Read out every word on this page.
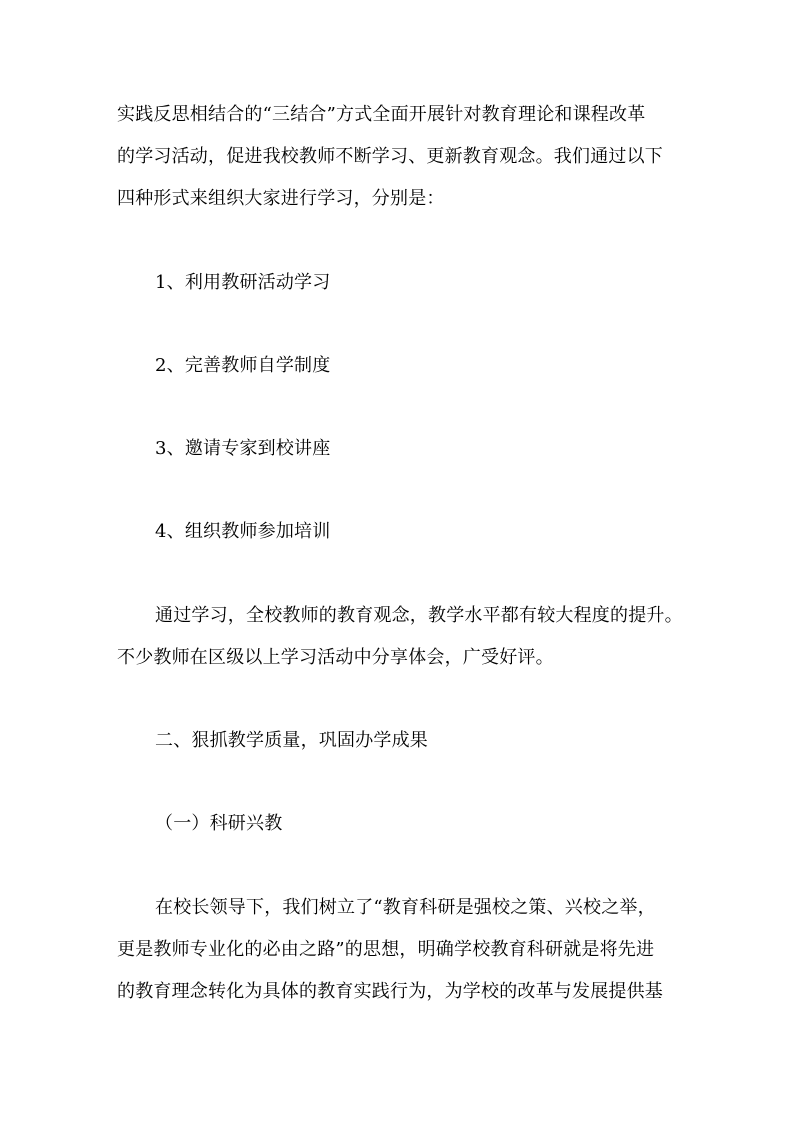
实践反思相结合的“三结合”方式全面开展针对教育理论和课程改革
的学习活动，促进我校教师不断学习、更新教育观念。我们通过以下
四种形式来组织大家进行学习，分别是：
1、利用教研活动学习
2、完善教师自学制度
3、邀请专家到校讲座
4、组织教师参加培训
通过学习，全校教师的教育观念，教学水平都有较大程度的提升。
不少教师在区级以上学习活动中分享体会，广受好评。
二、狠抓教学质量，巩固办学成果
（一）科研兴教
在校长领导下，我们树立了“教育科研是强校之策、兴校之举，
更是教师专业化的必由之路”的思想，明确学校教育科研就是将先进
的教育理念转化为具体的教育实践行为，为学校的改革与发展提供基
